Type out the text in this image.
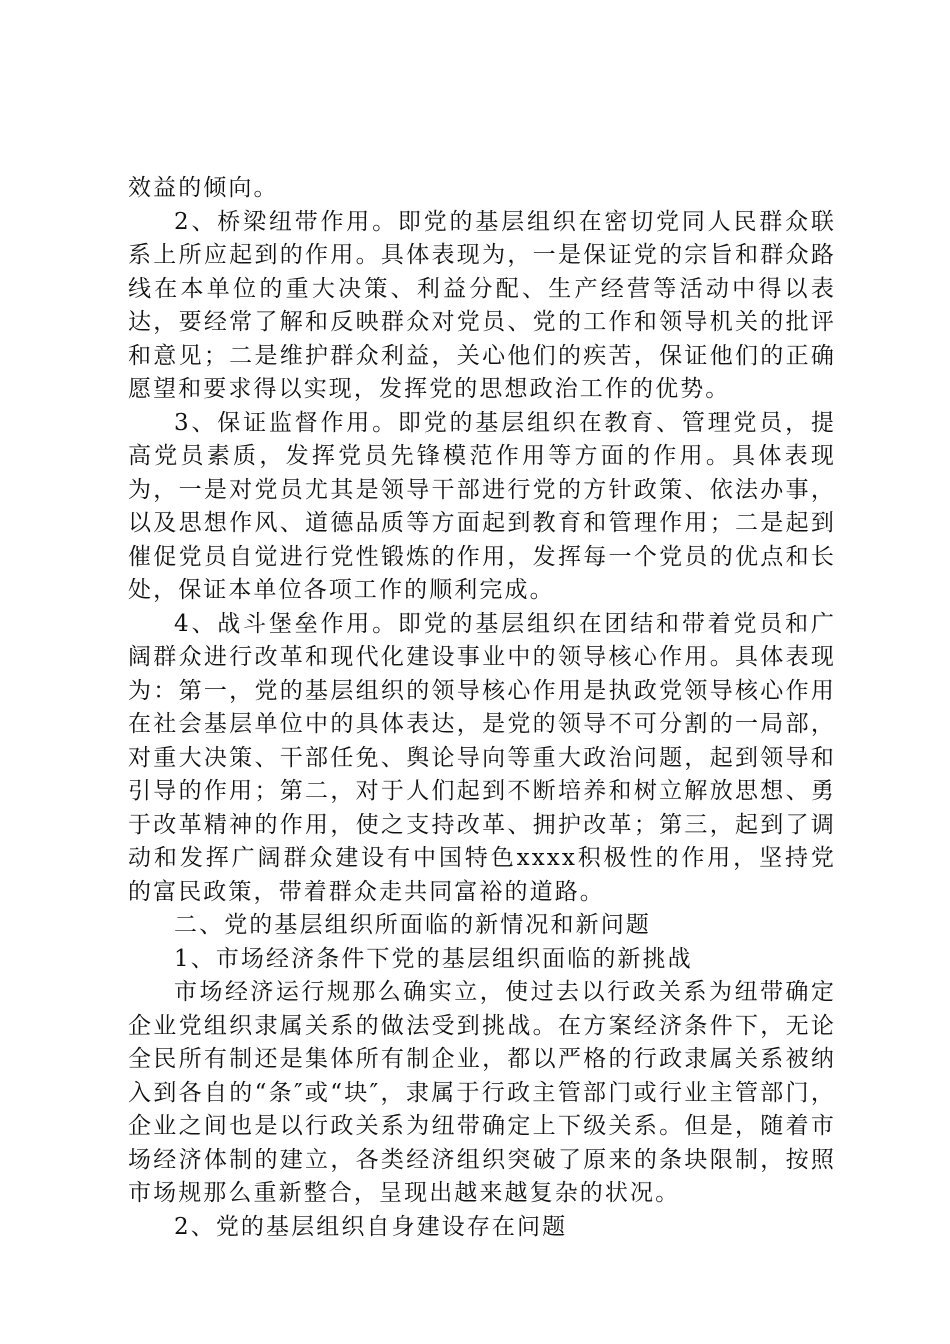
效益的倾向。

2、桥梁纽带作用。即党的基层组织在密切党同人民群众联系上所应起到的作用。具体表现为，一是保证党的宗旨和群众路线在本单位的重大决策、利益分配、生产经营等活动中得以表达，要经常了解和反映群众对党员、党的工作和领导机关的批评和意见；二是维护群众利益，关心他们的疾苦，保证他们的正确愿望和要求得以实现，发挥党的思想政治工作的优势。

3、保证监督作用。即党的基层组织在教育、管理党员，提高党员素质，发挥党员先锋模范作用等方面的作用。具体表现为，一是对党员尤其是领导干部进行党的方针政策、依法办事，以及思想作风、道德品质等方面起到教育和管理作用；二是起到催促党员自觉进行党性锻炼的作用，发挥每一个党员的优点和长处，保证本单位各项工作的顺利完成。

4、战斗堡垒作用。即党的基层组织在团结和带着党员和广阔群众进行改革和现代化建设事业中的领导核心作用。具体表现为：第一，党的基层组织的领导核心作用是执政党领导核心作用在社会基层单位中的具体表达，是党的领导不可分割的一局部，对重大决策、干部任免、舆论导向等重大政治问题，起到领导和引导的作用；第二，对于人们起到不断培养和树立解放思想、勇于改革精神的作用，使之支持改革、拥护改革；第三，起到了调动和发挥广阔群众建设有中国特色xxxx积极性的作用，坚持党的富民政策，带着群众走共同富裕的道路。

二、党的基层组织所面临的新情况和新问题

1、市场经济条件下党的基层组织面临的新挑战

市场经济运行规那么确实立，使过去以行政关系为纽带确定企业党组织隶属关系的做法受到挑战。在方案经济条件下，无论全民所有制还是集体所有制企业，都以严格的行政隶属关系被纳入到各自的“条″或“块″，隶属于行政主管部门或行业主管部门，企业之间也是以行政关系为纽带确定上下级关系。但是，随着市场经济体制的建立，各类经济组织突破了原来的条块限制，按照市场规那么重新整合，呈现出越来越复杂的状况。

2、党的基层组织自身建设存在问题
